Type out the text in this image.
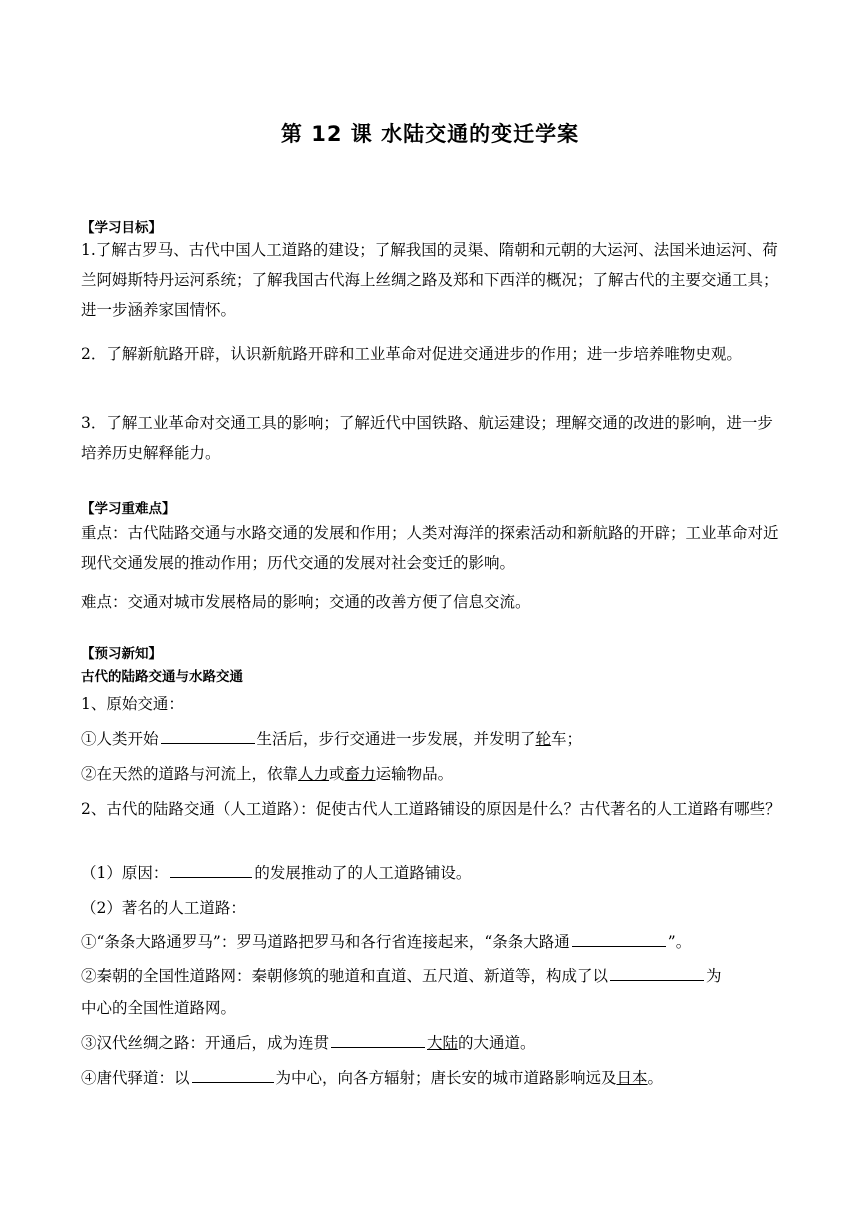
第 12 课 水陆交通的变迁学案
【学习目标】
1.了解古罗马、古代中国人工道路的建设；了解我国的灵渠、隋朝和元朝的大运河、法国米迪运河、荷兰阿姆斯特丹运河系统；了解我国古代海上丝绸之路及郑和下西洋的概况；了解古代的主要交通工具；进一步涵养家国情怀。
2．了解新航路开辟，认识新航路开辟和工业革命对促进交通进步的作用；进一步培养唯物史观。
3．了解工业革命对交通工具的影响；了解近代中国铁路、航运建设；理解交通的改进的影响，进一步培养历史解释能力。
【学习重难点】
重点：古代陆路交通与水路交通的发展和作用；人类对海洋的探索活动和新航路的开辟；工业革命对近现代交通发展的推动作用；历代交通的发展对社会变迁的影响。
难点：交通对城市发展格局的影响；交通的改善方便了信息交流。
【预习新知】
古代的陆路交通与水路交通
1、原始交通：
①人类开始	生活后，步行交通进一步发展，并发明了轮车；
②在天然的道路与河流上，依靠人力或畜力运输物品。
2、古代的陆路交通（人工道路）：促使古代人工道路铺设的原因是什么？古代著名的人工道路有哪些？
（1）原因：	的发展推动了的人工道路铺设。
（2）著名的人工道路：
①“条条大路通罗马”：罗马道路把罗马和各行省连接起来，“条条大路通	”。
②秦朝的全国性道路网：秦朝修筑的驰道和直道、五尺道、新道等，构成了以	为
中心的全国性道路网。
③汉代丝绸之路：开通后，成为连贯	大陆的大通道。
④唐代驿道：以	为中心，向各方辐射；唐长安的城市道路影响远及日本。
